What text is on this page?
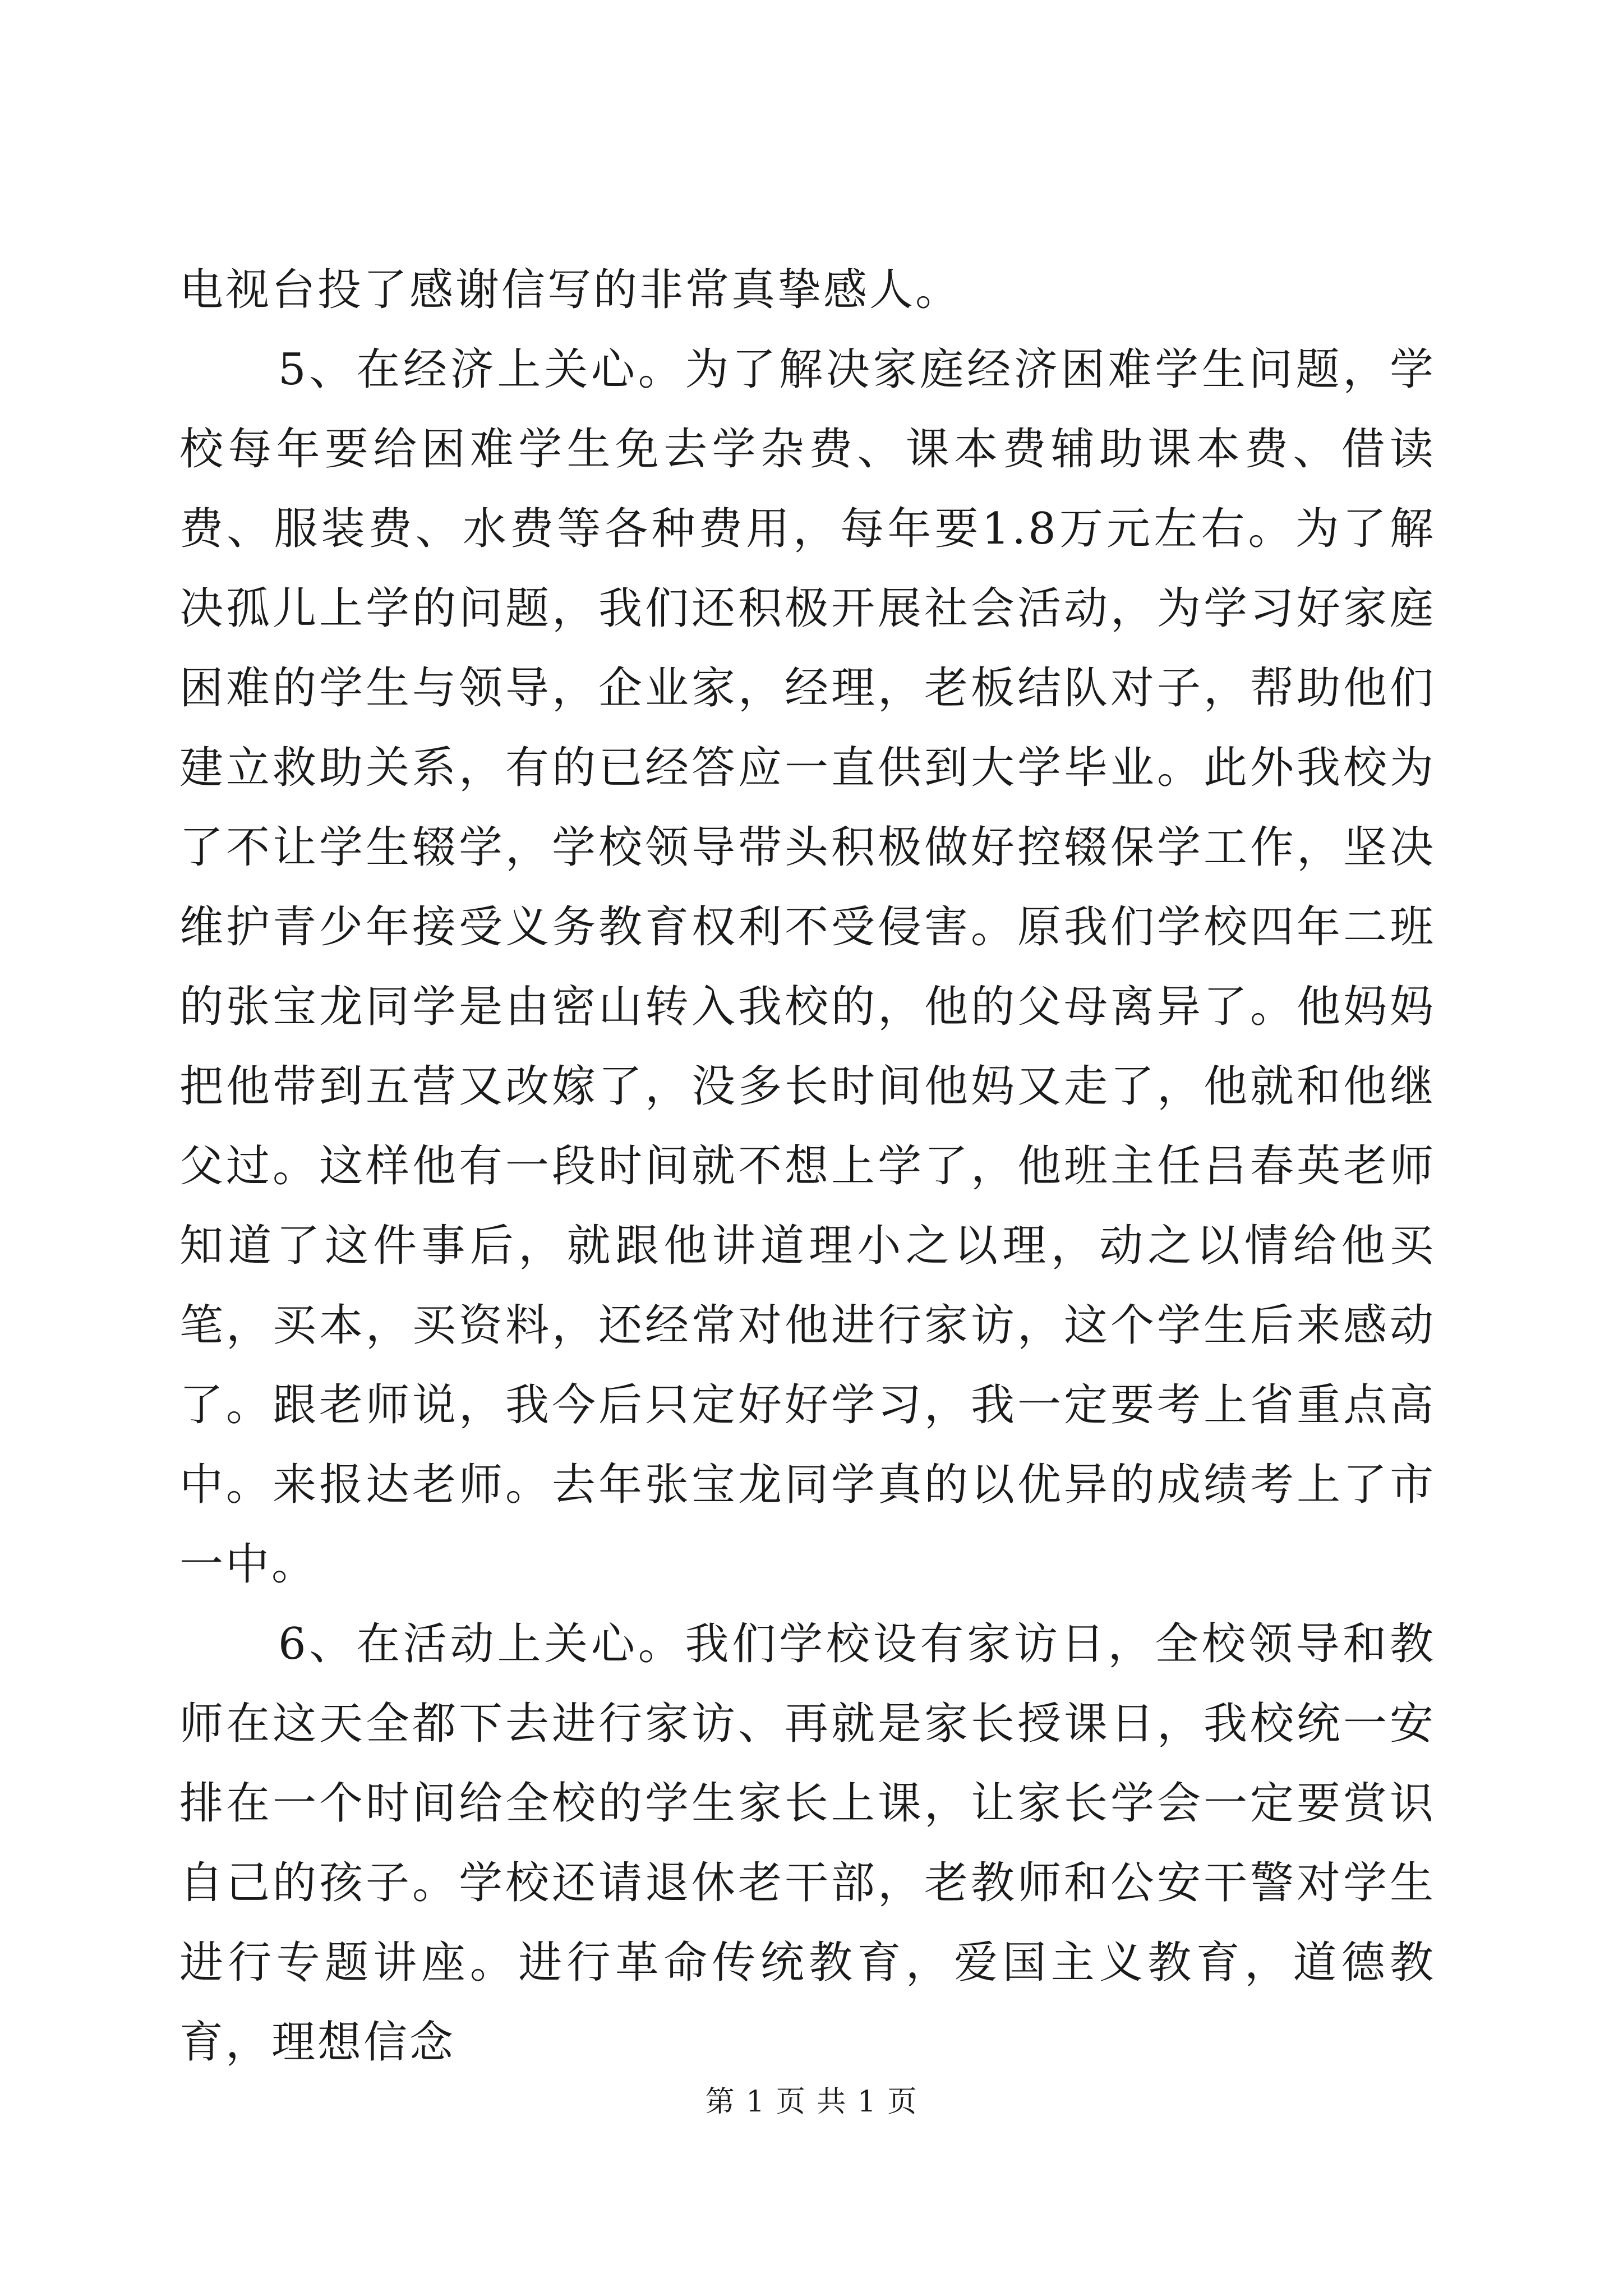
电视台投了感谢信写的非常真挚感人。

5、在经济上关心。为了解决家庭经济困难学生问题，学校每年要给困难学生免去学杂费、课本费辅助课本费、借读费、服装费、水费等各种费用，每年要1.8万元左右。为了解决孤儿上学的问题，我们还积极开展社会活动，为学习好家庭困难的学生与领导，企业家，经理，老板结队对子，帮助他们建立救助关系，有的已经答应一直供到大学毕业。此外我校为了不让学生辍学，学校领导带头积极做好控辍保学工作，坚决维护青少年接受义务教育权利不受侵害。原我们学校四年二班的张宝龙同学是由密山转入我校的，他的父母离异了。他妈妈把他带到五营又改嫁了，没多长时间他妈又走了，他就和他继父过。这样他有一段时间就不想上学了，他班主任吕春英老师知道了这件事后，就跟他讲道理小之以理，动之以情给他买笔，买本，买资料，还经常对他进行家访，这个学生后来感动了。跟老师说，我今后只定好好学习，我一定要考上省重点高中。来报达老师。去年张宝龙同学真的以优异的成绩考上了市一中。

6、在活动上关心。我们学校设有家访日，全校领导和教师在这天全都下去进行家访、再就是家长授课日，我校统一安排在一个时间给全校的学生家长上课，让家长学会一定要赏识自己的孩子。学校还请退休老干部，老教师和公安干警对学生进行专题讲座。进行革命传统教育，爱国主义教育，道德教育，理想信念

第 1 页 共 1 页
